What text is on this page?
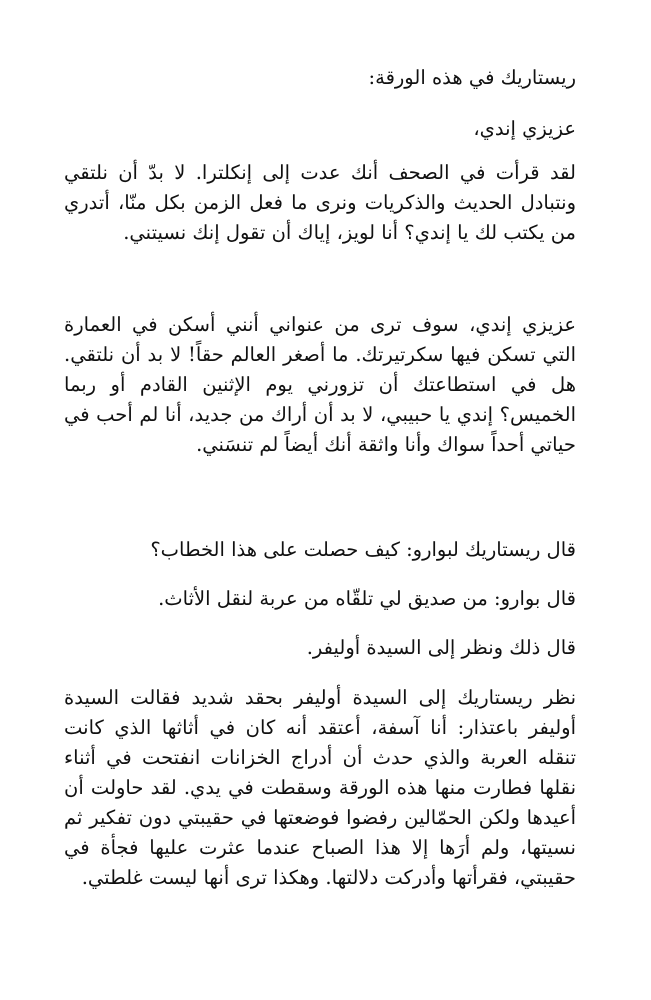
ريستاريك في هذه الورقة:

عزيزي إندي،

لقد قرأت في الصحف أنك عدت إلى إنكلترا. لا بدّ أن نلتقي ونتبادل الحديث والذكريات ونرى ما فعل الزمن بكل منّا، أتدري من يكتب لك يا إندي؟ أنا لويز، إياك أن تقول إنك نسيتني.

عزيزي إندي، سوف ترى من عنواني أنني أسكن في العمارة التي تسكن فيها سكرتيرتك. ما أصغر العالم حقاً! لا بد أن نلتقي. هل في استطاعتك أن تزورني يوم الإثنين القادم أو ربما الخميس؟ إندي يا حبيبي، لا بد أن أراك من جديد، أنا لم أحب في حياتي أحداً سواك وأنا واثقة أنك أيضاً لم تنسَني.

قال ريستاريك لبوارو: كيف حصلت على هذا الخطاب؟

قال بوارو: من صديق لي تلقّاه من عربة لنقل الأثاث.

قال ذلك ونظر إلى السيدة أوليفر.

نظر ريستاريك إلى السيدة أوليفر بحقد شديد فقالت السيدة أوليفر باعتذار: أنا آسفة، أعتقد أنه كان في أثاثها الذي كانت تنقله العربة والذي حدث أن أدراج الخزانات انفتحت في أثناء نقلها فطارت منها هذه الورقة وسقطت في يدي. لقد حاولت أن أعيدها ولكن الحمّالين رفضوا فوضعتها في حقيبتي دون تفكير ثم نسيتها، ولم أرَها إلا هذا الصباح عندما عثرت عليها فجأة في حقيبتي، فقرأتها وأدركت دلالتها. وهكذا ترى أنها ليست غلطتي.
